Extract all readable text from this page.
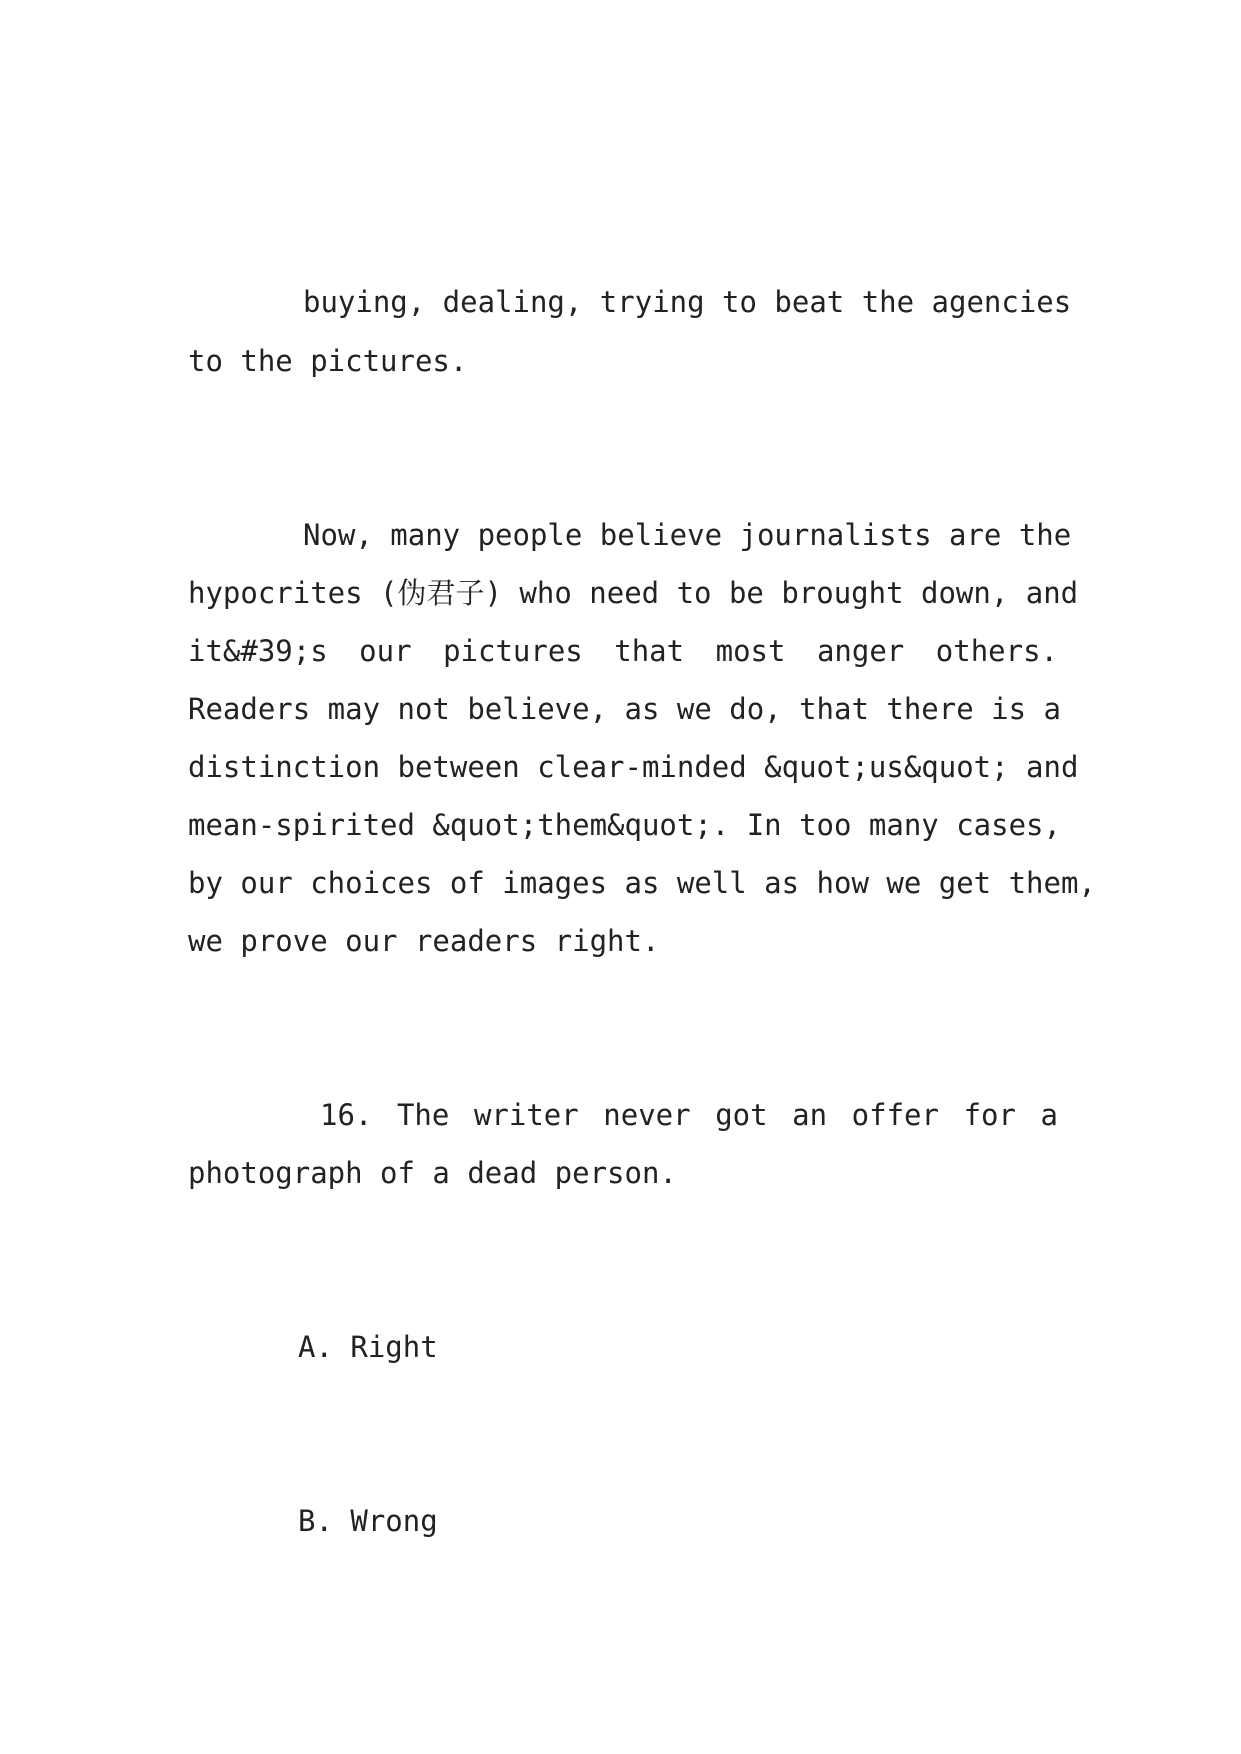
buying, dealing, trying to beat the agencies
to the pictures.
Now, many people believe journalists are the
hypocrites (伪君子) who need to be brought down, and
it&#39;s our pictures that most anger others.
Readers may not believe, as we do, that there is a
distinction between clear-minded &quot;us&quot; and
mean-spirited &quot;them&quot;. In too many cases,
by our choices of images as well as how we get them,
we prove our readers right.
16. The writer never got an offer for a
photograph of a dead person.
A. Right
B. Wrong
